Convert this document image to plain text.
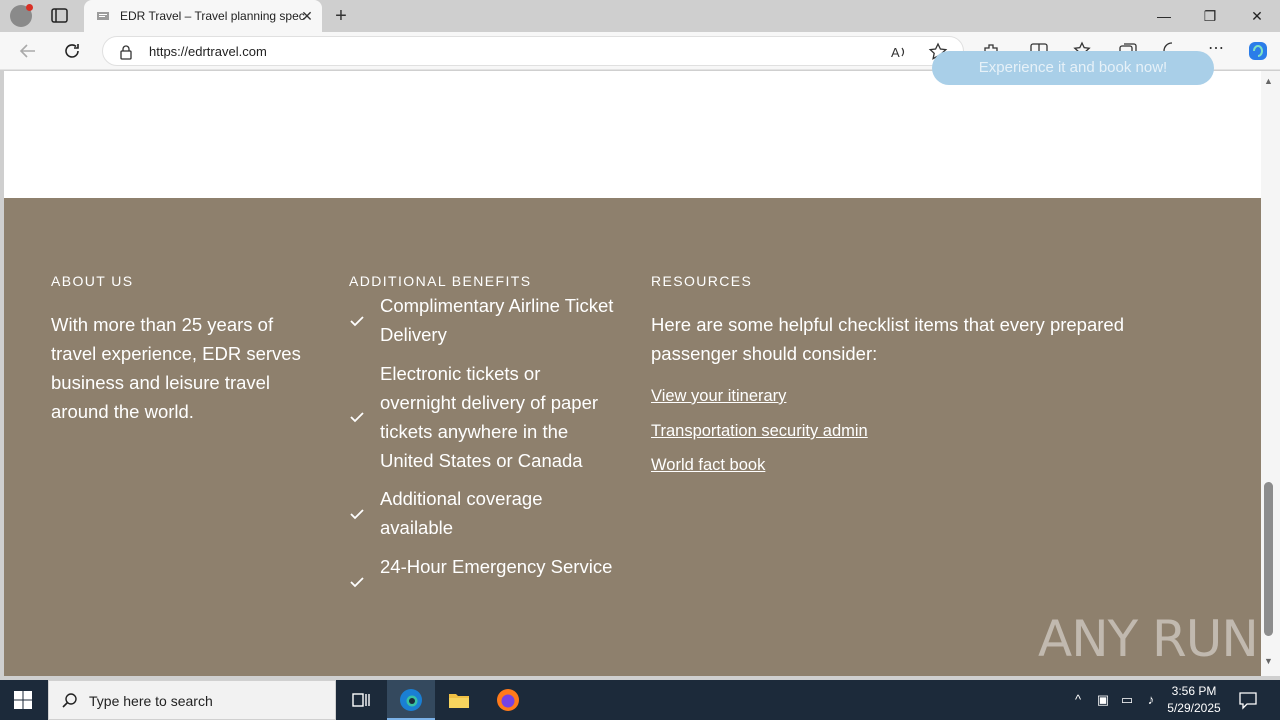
EDR Travel – Travel planning spec
✕ +	—	❐	✕
https://edrtravel.com	A	⋯
Experience it and book now!
ABOUT US
With more than 25 years of travel experience, EDR serves business and leisure travel around the world.
ADDITIONAL BENEFITS
Complimentary Airline Ticket Delivery
Electronic tickets or overnight delivery of paper tickets anywhere in the United States or Canada
Additional coverage available
24-Hour Emergency Service
RESOURCES
Here are some helpful checklist items that every prepared passenger should consider:
View your itinerary
Transportation security admin
World fact book
ANY RUN
▲
▼
Type here to search	^	▣ ▭	♪
3:56 PM
5/29/2025
